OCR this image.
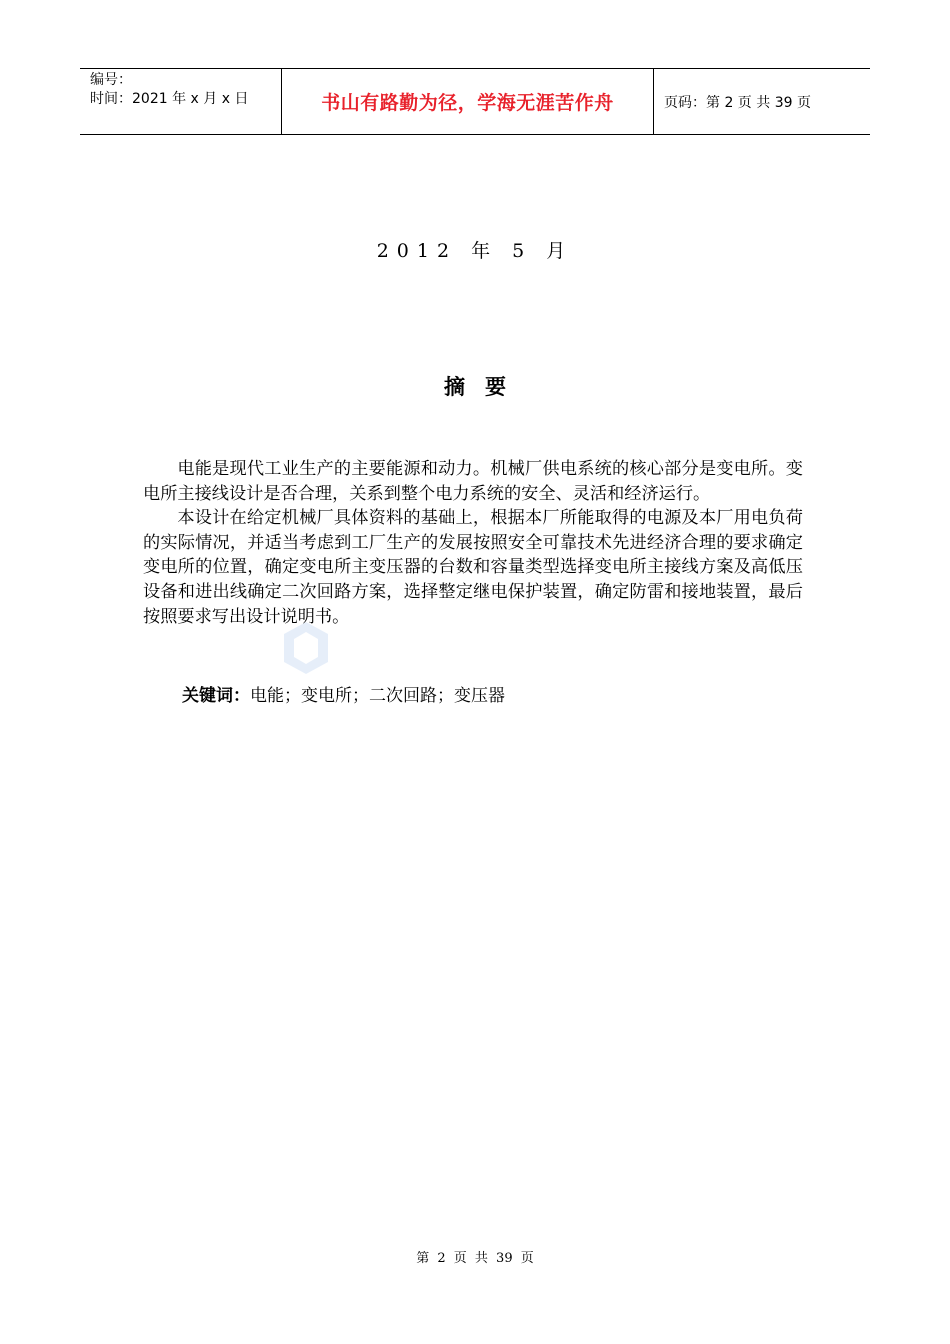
编号：
时间：2021 年 x 月 x 日	书山有路勤为径，学海无涯苦作舟	页码：第 2 页 共 39 页
2012 年 5 月
摘要

电能是现代工业生产的主要能源和动力。机械厂供电系统的核心部分是变电所。变电所主接线设计是否合理，关系到整个电力系统的安全、灵活和经济运行。

本设计在给定机械厂具体资料的基础上，根据本厂所能取得的电源及本厂用电负荷的实际情况，并适当考虑到工厂生产的发展按照安全可靠技术先进经济合理的要求确定变电所的位置，确定变电所主变压器的台数和容量类型选择变电所主接线方案及高低压设备和进出线确定二次回路方案，选择整定继电保护装置，确定防雷和接地装置，最后按照要求写出设计说明书。

关键词：电能；变电所；二次回路；变压器
第 2 页 共 39 页
